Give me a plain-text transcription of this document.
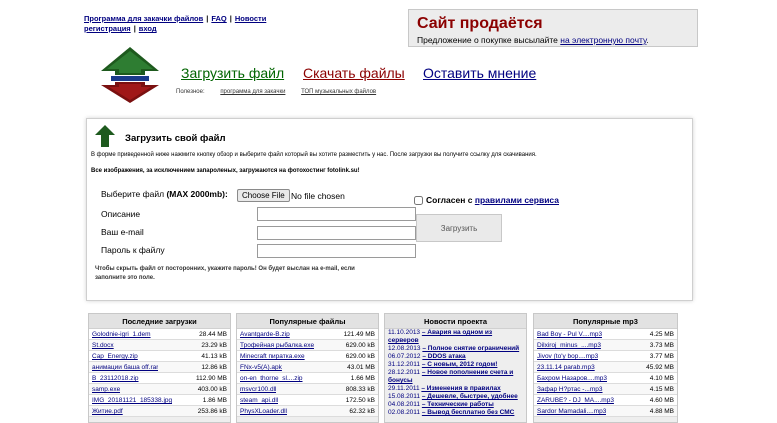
Программа для закачки файлов | FAQ | Новости
регистрация | вход	Сайт продаётся
Предложение о покупке высылайте на электронную почту.
Загрузить файл Скачать файлы Оставить мнение
Полезное:	программа для закачки	ТОП музыкальных файлов
Загрузить свой файл
В форме приведенной ниже нажмите кнопку обзор и выберите файл который вы хотите разместить у нас. После загрузки вы получите ссылку для скачивания.
Все изображения, за исключением запароленых, загружаются на фотохостинг fotolink.su!
Выберите файл (MAX 2000mb):	Choose File No file chosen
Описание
Ваш e-mail
Пароль к файлу
Согласен с правилами сервиса
Загрузить
Чтобы скрыть файл от посторонних, укажите пароль! Он будет выслан на e-mail, если заполните это поле.
Последние загрузки
Golodnie-igri_1.dem	28.44 MB
St.docx	23.29 kB
Cap_Energy.zip	41.13 kB
анимации баша off.rar	12.86 kB
B_23112018.zip	112.90 MB
samp.exe	403.00 kB
IMG_20181121_185338.jpg	1.86 MB
Житие.pdf	253.86 kB
Популярные файлы
Avantgarde-B.zip	121.49 MB
Трофейная рыбалка.exe	629.00 kB
Minecraft пиратка.exe	629.00 kB
FNx-v5(A).apk	43.01 MB
on-en_thorne_sl....zip	1.66 MB
msvcr100.dll	808.33 kB
steam_api.dll	172.50 kB
PhysXLoader.dll	62.32 kB
Новости проекта
11.10.2013 – Авария на одном из серверов
12.08.2013 – Полное снятие ограничений
06.07.2012 – DDOS атака
31.12.2011 – С новым, 2012 годом!
28.12.2011 – Новое пополнение счета и бонусы
29.11.2011 – Изменения в правилах
15.08.2011 – Дешевле, быстрее, удобнее
04.08.2011 – Технические работы
02.08.2011 – Вывод бесплатно без СМС
Популярные mp3
Bad Boy - Pul V....mp3	4.25 MB
Dilxiroj_minus_....mp3	3.73 MB
Jivov (to'y bop....mp3	3.77 MB
23.11.14 parab.mp3	45.92 MB
Бахром Назаров....mp3	4.10 MB
Зафар Н?ртас -...mp3	4.15 MB
ZARUBE? - DJ_MA....mp3	4.60 MB
Sardor Mamadali....mp3	4.88 MB
